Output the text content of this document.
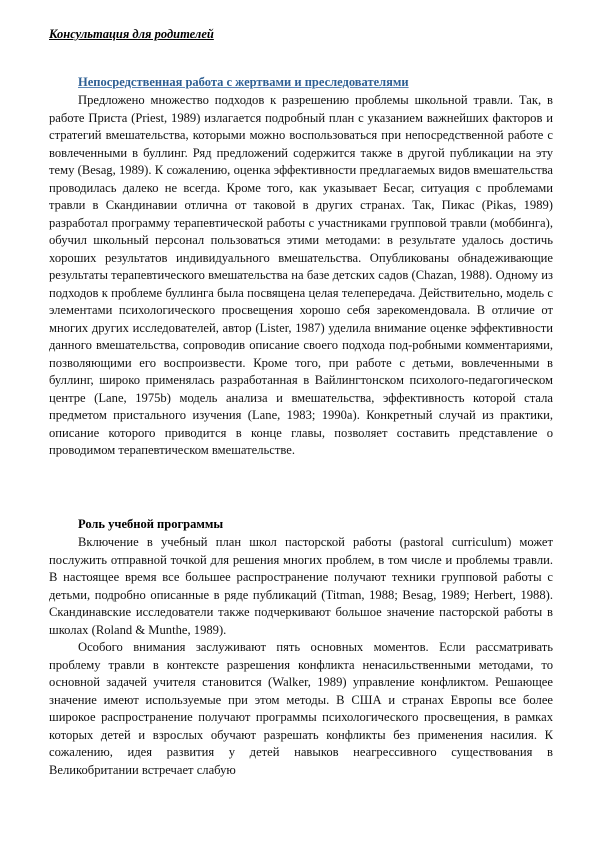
Консультация для родителей
Непосредственная работа с жертвами и преследователями

Предложено множество подходов к разрешению проблемы школьной травли. Так, в работе Приста (Priest, 1989) излагается подробный план с указанием важнейших факторов и стратегий вмешательства, которыми можно воспользоваться при непосредственной работе с вовлеченными в буллинг. Ряд предложений содержится также в другой публикации на эту тему (Besag, 1989). К сожалению, оценка эффективности предлагаемых видов вмешательства проводилась далеко не всегда. Кроме того, как указывает Бесаг, ситуация с проблемами травли в Скандинавии отлична от таковой в других странах. Так, Пикас (Pikas, 1989) разработал программу терапевтической работы с участниками групповой травли (моббинга), обучил школьный персонал пользоваться этими методами: в результате удалось достичь хороших результатов индивидуального вмешательства. Опубликованы обнадеживающие результаты терапевтического вмешательства на базе детских садов (Chazan, 1988). Одному из подходов к проблеме буллинга была посвящена целая телепередача. Действительно, модель с элементами психологического просвещения хорошо себя зарекомендовала. В отличие от многих других исследователей, автор (Lister, 1987) уделила внимание оценке эффективности данного вмешательства, сопроводив описание своего подхода под-робными комментариями, позволяющими его воспроизвести. Кроме того, при работе с детьми, вовлеченными в буллинг, широко применялась разработанная в Вайлингтонском психолого-педагогическом центре (Lane, 1975b) модель анализа и вмешательства, эффективность которой стала предметом пристального изучения (Lane, 1983; 1990a). Конкретный случай из практики, описание которого приводится в конце главы, позволяет составить представление о проводимом терапевтическом вмешательстве.

Роль учебной программы

Включение в учебный план школ пасторской работы (pastoral curriculum) может послужить отправной точкой для решения многих проблем, в том числе и проблемы травли. В настоящее время все большее распространение получают техники групповой работы с детьми, подробно описанные в ряде публикаций (Titman, 1988; Besag, 1989; Herbert, 1988). Скандинавские исследователи также подчеркивают большое значение пасторской работы в школах (Roland & Munthe, 1989).

Особого внимания заслуживают пять основных моментов. Если рассматривать проблему травли в контексте разрешения конфликта ненасильственными методами, то основной задачей учителя становится (Walker, 1989) управление конфликтом. Решающее значение имеют используемые при этом методы. В США и странах Европы все более широкое распространение получают программы психологического просвещения, в рамках которых детей и взрослых обучают разрешать конфликты без применения насилия. К сожалению, идея развития у детей навыков неагрессивного существования в Великобритании встречает слабую
